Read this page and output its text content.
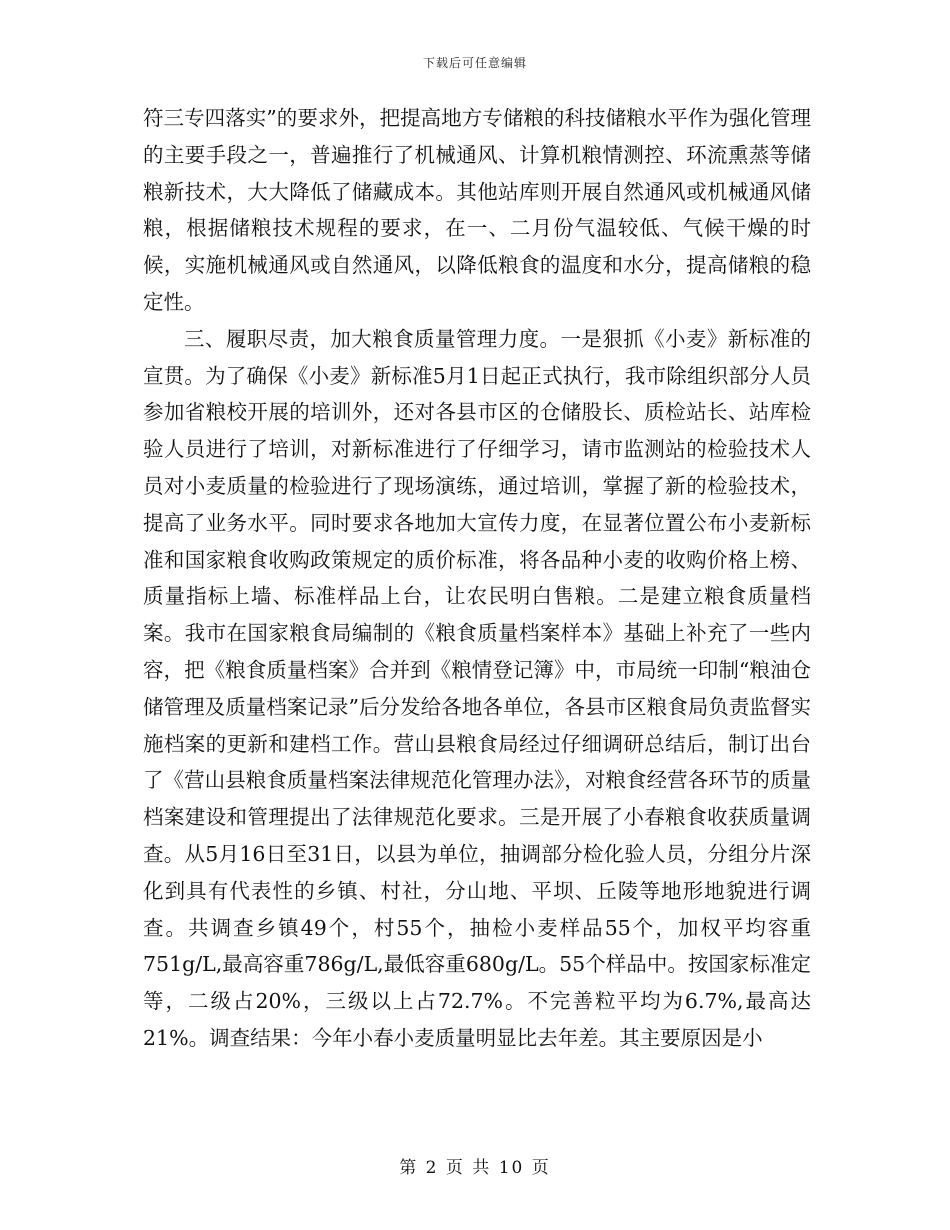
下载后可任意编辑

符三专四落实”的要求外，把提高地方专储粮的科技储粮水平作为强化管理的主要手段之一，普遍推行了机械通风、计算机粮情测控、环流熏蒸等储粮新技术，大大降低了储藏成本。其他站库则开展自然通风或机械通风储粮，根据储粮技术规程的要求，在一、二月份气温较低、气候干燥的时候，实施机械通风或自然通风，以降低粮食的温度和水分，提高储粮的稳定性。

三、履职尽责，加大粮食质量管理力度。一是狠抓《小麦》新标准的宣贯。为了确保《小麦》新标准5月1日起正式执行，我市除组织部分人员参加省粮校开展的培训外，还对各县市区的仓储股长、质检站长、站库检验人员进行了培训，对新标准进行了仔细学习，请市监测站的检验技术人员对小麦质量的检验进行了现场演练，通过培训，掌握了新的检验技术，提高了业务水平。同时要求各地加大宣传力度，在显著位置公布小麦新标准和国家粮食收购政策规定的质价标准，将各品种小麦的收购价格上榜、质量指标上墙、标准样品上台，让农民明白售粮。二是建立粮食质量档案。我市在国家粮食局编制的《粮食质量档案样本》基础上补充了一些内容，把《粮食质量档案》合并到《粮情登记簿》中，市局统一印制“粮油仓储管理及质量档案记录”后分发给各地各单位，各县市区粮食局负责监督实施档案的更新和建档工作。营山县粮食局经过仔细调研总结后，制订出台了《营山县粮食质量档案法律规范化管理办法》，对粮食经营各环节的质量档案建设和管理提出了法律规范化要求。三是开展了小春粮食收获质量调查。从5月16日至31日，以县为单位，抽调部分检化验人员，分组分片深化到具有代表性的乡镇、村社，分山地、平坝、丘陵等地形地貌进行调查。共调查乡镇49个，村55个，抽检小麦样品55个，加权平均容重751g/L,最高容重786g/L,最低容重680g/L。55个样品中。按国家标准定等，二级占20%，三级以上占72.7%。不完善粒平均为6.7%,最高达21%。调查结果：今年小春小麦质量明显比去年差。其主要原因是小

第 2 页 共 10 页
